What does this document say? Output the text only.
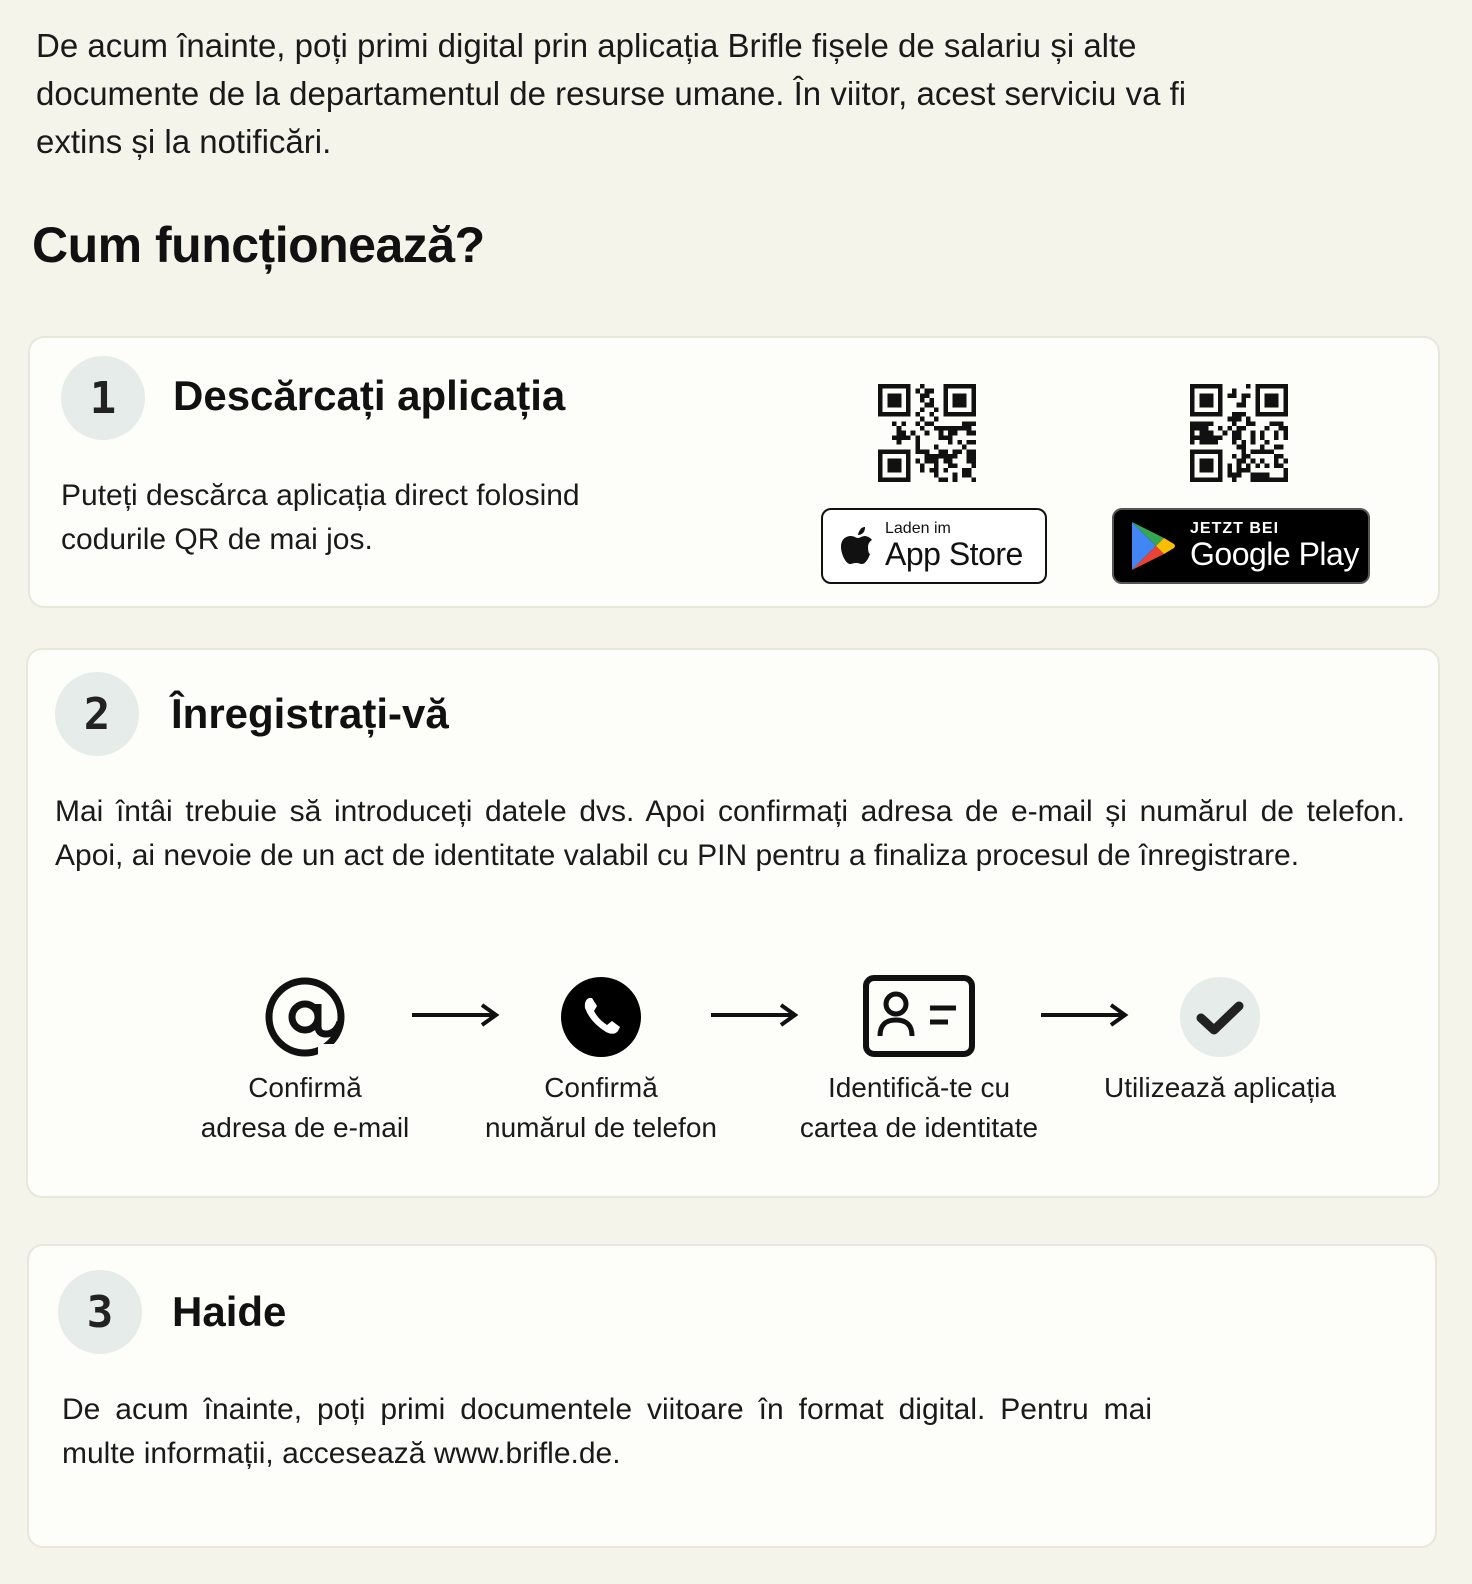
De acum înainte, poți primi digital prin aplicația Brifle fișele de salariu și alte documente de la departamentul de resurse umane. În viitor, acest serviciu va fi extins și la notificări.
Cum funcționează?
1	Descărcați aplicația
Puteți descărca aplicația direct folosind codurile QR de mai jos.	Laden im
App Store
JETZT BEI
Google Play
2	Înregistrați-vă
Mai întâi trebuie să introduceți datele dvs. Apoi confirmați adresa de e-mail și numărul de telefon. Apoi, ai nevoie de un act de identitate valabil cu PIN pentru a finaliza procesul de înregistrare.
Confirmă
adresa de e-mail
Confirmă
numărul de telefon
Identifică-te cu
cartea de identitate
Utilizează aplicația
3	Haide
De acum înainte, poți primi documentele viitoare în format digital. Pentru mai multe informații, accesează www.brifle.de.
